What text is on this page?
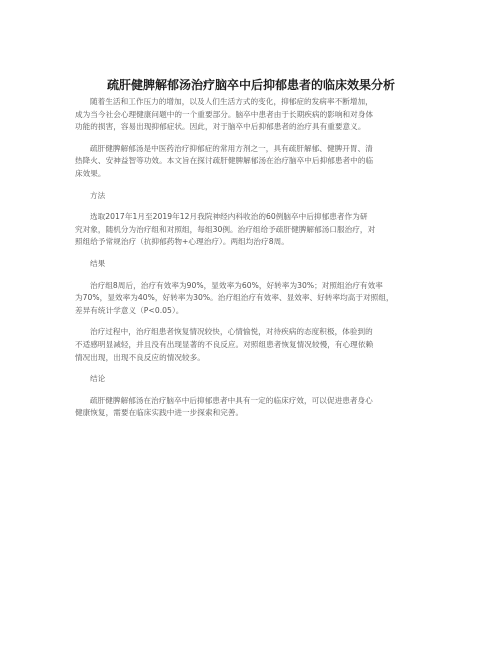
疏肝健脾解郁汤治疗脑卒中后抑郁患者的临床效果分析

随着生活和工作压力的增加，以及人们生活方式的变化，抑郁症的发病率不断增加，
成为当今社会心理健康问题中的一个重要部分。脑卒中患者由于长期疾病的影响和对身体
功能的损害，容易出现抑郁症状。因此，对于脑卒中后抑郁患者的治疗具有重要意义。

疏肝健脾解郁汤是中医药治疗抑郁症的常用方剂之一，具有疏肝解郁、健脾开胃、清
热降火、安神益智等功效。本文旨在探讨疏肝健脾解郁汤在治疗脑卒中后抑郁患者中的临
床效果。

方法

选取2017年1月至2019年12月我院神经内科收治的60例脑卒中后抑郁患者作为研
究对象，随机分为治疗组和对照组，每组30例。治疗组给予疏肝健脾解郁汤口服治疗，对
照组给予常规治疗（抗抑郁药物+心理治疗）。两组均治疗8周。

结果

治疗组8周后，治疗有效率为90%，显效率为60%，好转率为30%；对照组治疗有效率
为70%，显效率为40%，好转率为30%。治疗组治疗有效率、显效率、好转率均高于对照组，
差异有统计学意义（P<0.05）。

治疗过程中，治疗组患者恢复情况较快，心情愉悦，对待疾病的态度积极，体验到的
不适感明显减轻，并且没有出现显著的不良反应。对照组患者恢复情况较慢，有心理依赖
情况出现，出现不良反应的情况较多。

结论

疏肝健脾解郁汤在治疗脑卒中后抑郁患者中具有一定的临床疗效，可以促进患者身心
健康恢复，需要在临床实践中进一步探索和完善。
